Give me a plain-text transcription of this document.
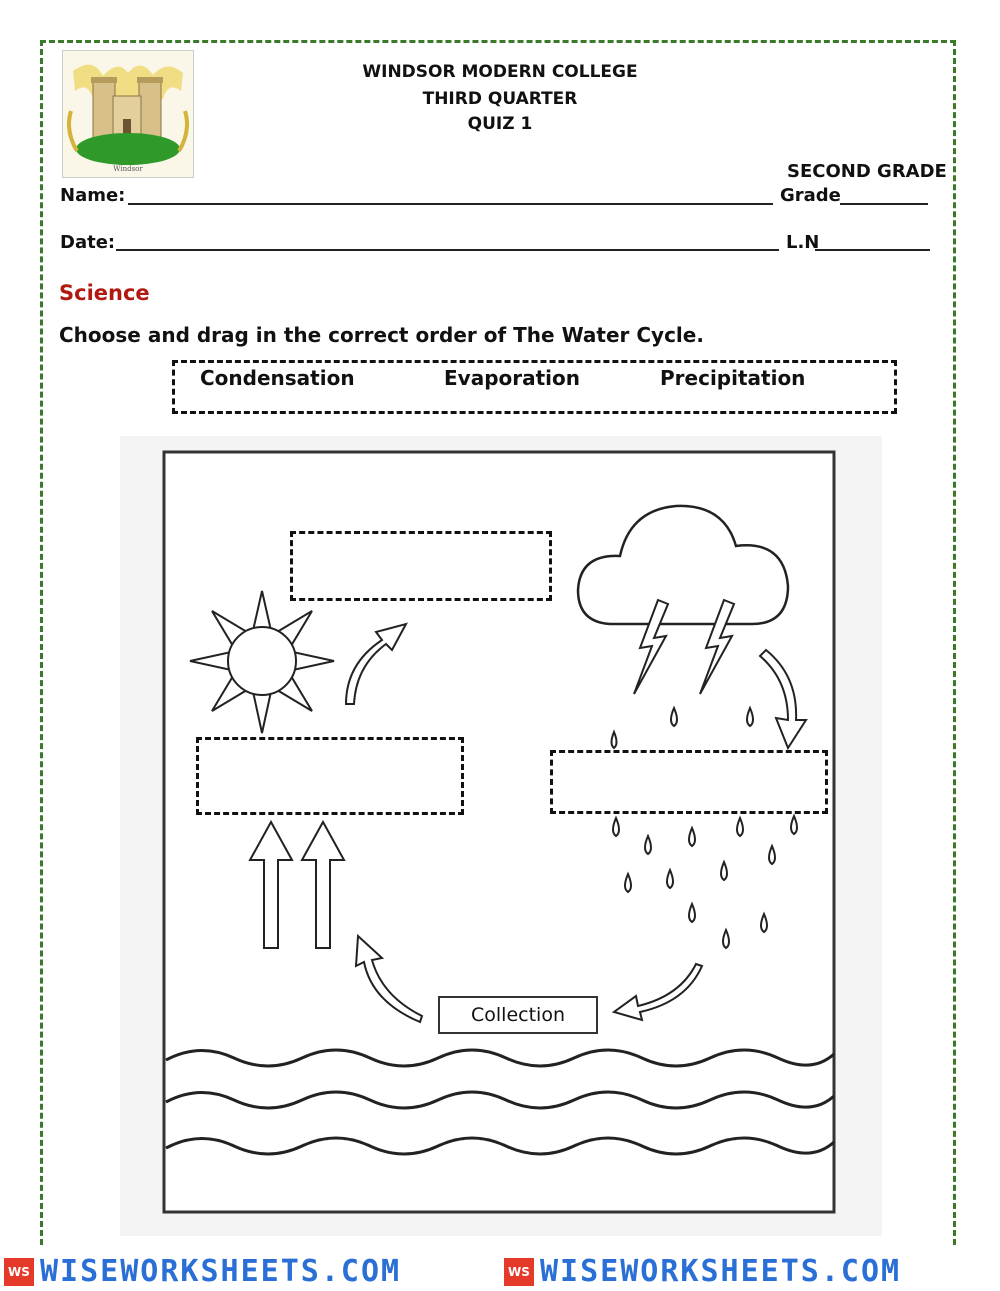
Windsor
WINDSOR MODERN COLLEGE
THIRD QUARTER
QUIZ 1
SECOND GRADE
Name:	Grade
Date:	L.N
Science
Choose and drag in the correct order of The Water Cycle.
Condensation	Evaporation	Precipitation
Collection
WS WISEWORKSHEETS.COM	WS WISEWORKSHEETS.COM
